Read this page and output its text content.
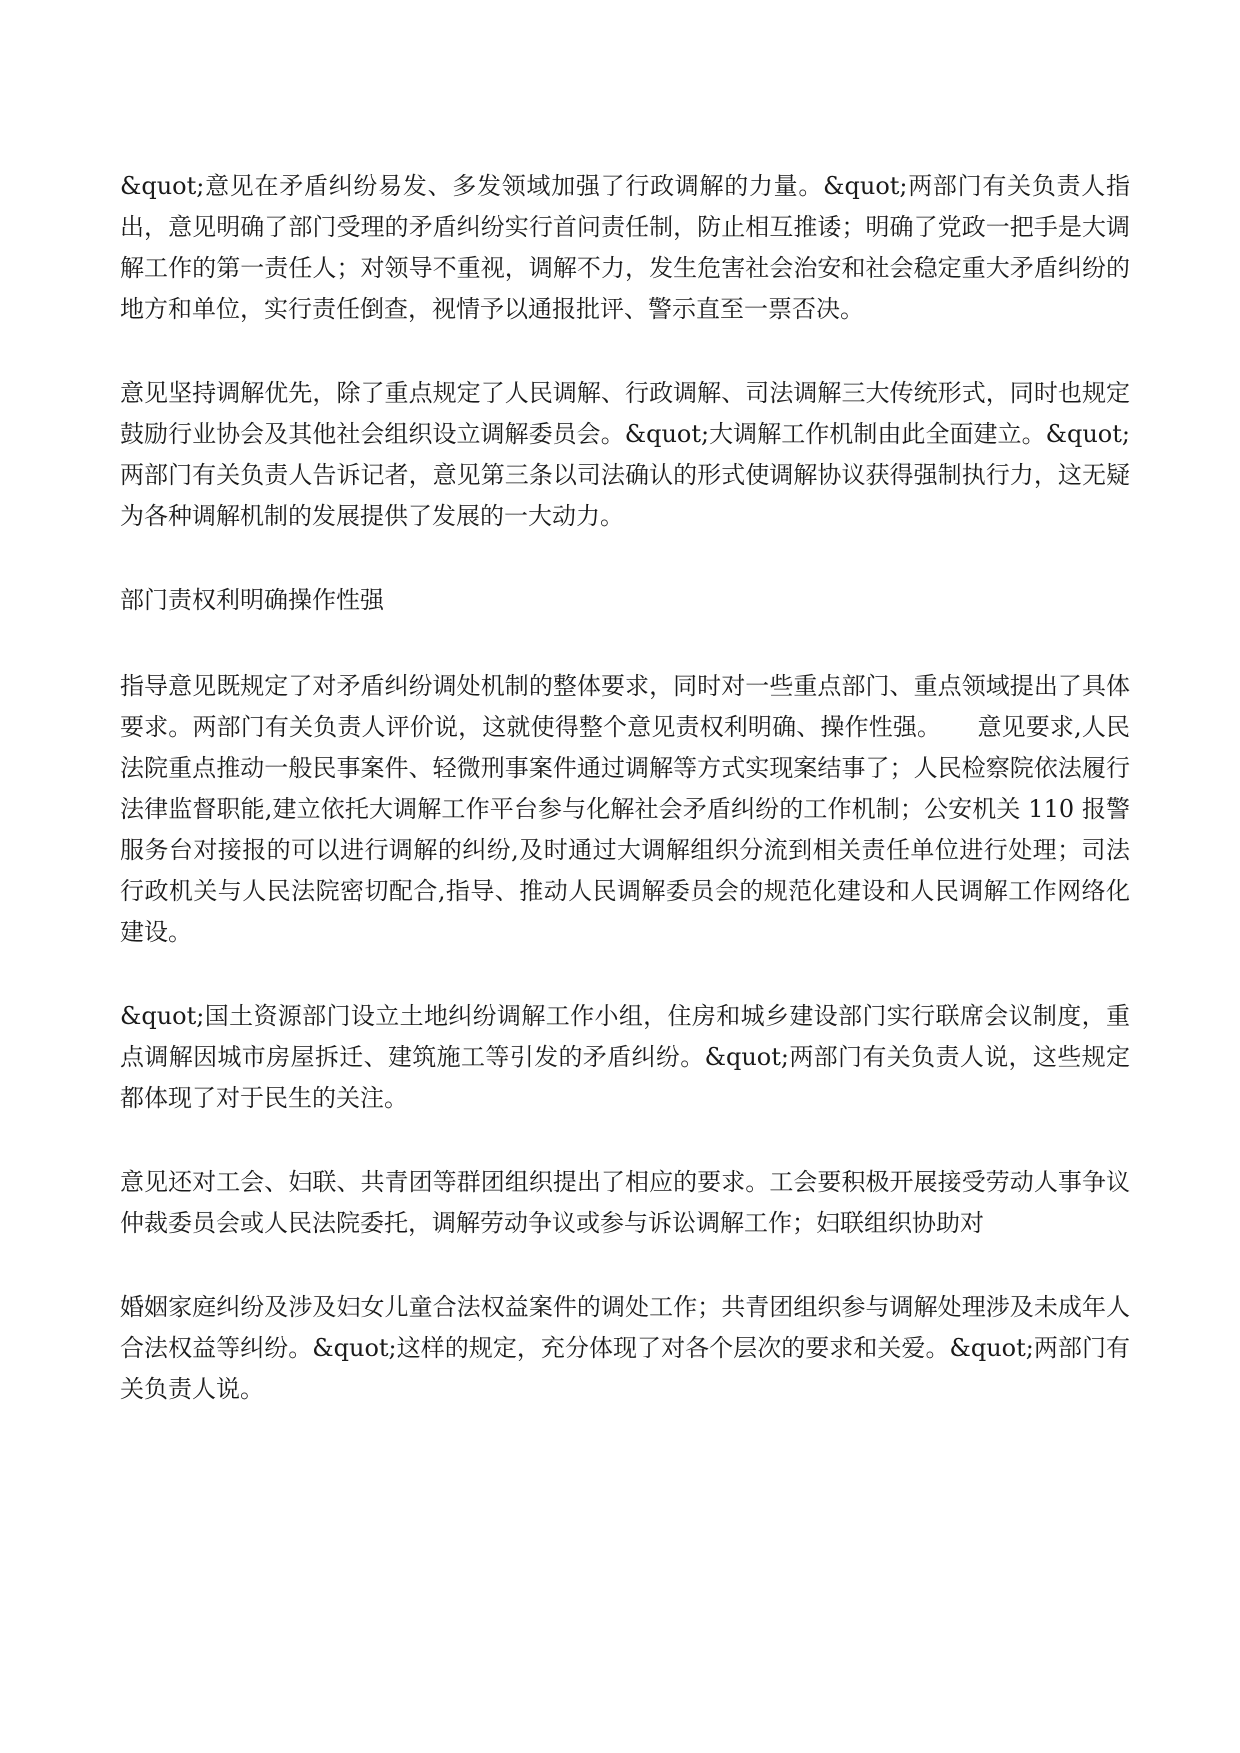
&quot;意见在矛盾纠纷易发、多发领域加强了行政调解的力量。&quot;两部门有关负责人指出，意见明确了部门受理的矛盾纠纷实行首问责任制，防止相互推诿；明确了党政一把手是大调解工作的第一责任人；对领导不重视，调解不力，发生危害社会治安和社会稳定重大矛盾纠纷的地方和单位，实行责任倒查，视情予以通报批评、警示直至一票否决。

意见坚持调解优先，除了重点规定了人民调解、行政调解、司法调解三大传统形式，同时也规定鼓励行业协会及其他社会组织设立调解委员会。&quot;大调解工作机制由此全面建立。&quot;两部门有关负责人告诉记者，意见第三条以司法确认的形式使调解协议获得强制执行力，这无疑为各种调解机制的发展提供了发展的一大动力。

部门责权利明确操作性强

指导意见既规定了对矛盾纠纷调处机制的整体要求，同时对一些重点部门、重点领域提出了具体要求。两部门有关负责人评价说，这就使得整个意见责权利明确、操作性强。　　意见要求,人民法院重点推动一般民事案件、轻微刑事案件通过调解等方式实现案结事了；人民检察院依法履行法律监督职能,建立依托大调解工作平台参与化解社会矛盾纠纷的工作机制；公安机关 110 报警服务台对接报的可以进行调解的纠纷,及时通过大调解组织分流到相关责任单位进行处理；司法行政机关与人民法院密切配合,指导、推动人民调解委员会的规范化建设和人民调解工作网络化建设。

&quot;国土资源部门设立土地纠纷调解工作小组，住房和城乡建设部门实行联席会议制度，重点调解因城市房屋拆迁、建筑施工等引发的矛盾纠纷。&quot;两部门有关负责人说，这些规定都体现了对于民生的关注。

意见还对工会、妇联、共青团等群团组织提出了相应的要求。工会要积极开展接受劳动人事争议仲裁委员会或人民法院委托，调解劳动争议或参与诉讼调解工作；妇联组织协助对

婚姻家庭纠纷及涉及妇女儿童合法权益案件的调处工作；共青团组织参与调解处理涉及未成年人合法权益等纠纷。&quot;这样的规定，充分体现了对各个层次的要求和关爱。&quot;两部门有关负责人说。
